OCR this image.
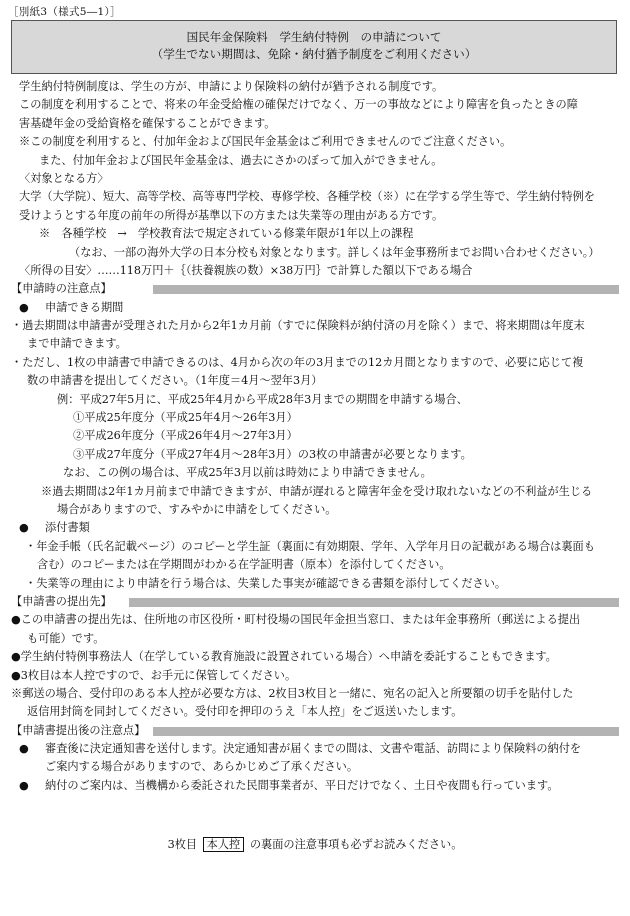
［別紙3（様式5―1）］
国民年金保険料　学生納付特例　の申請について
（学生でない期間は、免除・納付猶予制度をご利用ください）
学生納付特例制度は、学生の方が、申請により保険料の納付が猶予される制度です。
この制度を利用することで、将来の年金受給権の確保だけでなく、万一の事故などにより障害を負ったときの障
害基礎年金の受給資格を確保することができます。
※この制度を利用すると、付加年金および国民年金基金はご利用できませんのでご注意ください。
また、付加年金および国民年金基金は、過去にさかのぼって加入ができません。
〈対象となる方〉
大学（大学院）、短大、高等学校、高等専門学校、専修学校、各種学校（※）に在学する学生等で、学生納付特例を
受けようとする年度の前年の所得が基準以下の方または失業等の理由がある方です。
※　各種学校　→　学校教育法で規定されている修業年限が1年以上の課程
（なお、一部の海外大学の日本分校も対象となります。詳しくは年金事務所までお問い合わせください。）
〈所得の目安〉……118万円＋｛（扶養親族の数）×38万円｝で計算した額以下である場合
【申請時の注意点】
● 申請できる期間
・過去期間は申請書が受理された月から2年1カ月前（すでに保険料が納付済の月を除く）まで、将来期間は年度末
まで申請できます。
・ただし、1枚の申請書で申請できるのは、4月から次の年の3月までの12カ月間となりますので、必要に応じて複
数の申請書を提出してください。（1年度＝4月～翌年3月）
例：平成27年5月に、平成25年4月から平成28年3月までの期間を申請する場合、
①平成25年度分（平成25年4月～26年3月）
②平成26年度分（平成26年4月～27年3月）
③平成27年度分（平成27年4月～28年3月）の3枚の申請書が必要となります。
なお、この例の場合は、平成25年3月以前は時効により申請できません。
※過去期間は2年1カ月前まで申請できますが、申請が遅れると障害年金を受け取れないなどの不利益が生じる
場合がありますので、すみやかに申請をしてください。
● 添付書類
・年金手帳（氏名記載ページ）のコピーと学生証（裏面に有効期限、学年、入学年月日の記載がある場合は裏面も
含む）のコピーまたは在学期間がわかる在学証明書（原本）を添付してください。
・失業等の理由により申請を行う場合は、失業した事実が確認できる書類を添付してください。
【申請書の提出先】
●この申請書の提出先は、住所地の市区役所・町村役場の国民年金担当窓口、または年金事務所（郵送による提出
も可能）です。
●学生納付特例事務法人（在学している教育施設に設置されている場合）へ申請を委託することもできます。
●3枚目は本人控ですので、お手元に保管してください。
※郵送の場合、受付印のある本人控が必要な方は、2枚目3枚目と一緒に、宛名の記入と所要額の切手を貼付した
返信用封筒を同封してください。受付印を押印のうえ「本人控」をご返送いたします。
【申請書提出後の注意点】
● 審査後に決定通知書を送付します。決定通知書が届くまでの間は、文書や電話、訪問により保険料の納付を
ご案内する場合がありますので、あらかじめご了承ください。
● 納付のご案内は、当機構から委託された民間事業者が、平日だけでなく、土日や夜間も行っています。
3枚目 本人控 の裏面の注意事項も必ずお読みください。
